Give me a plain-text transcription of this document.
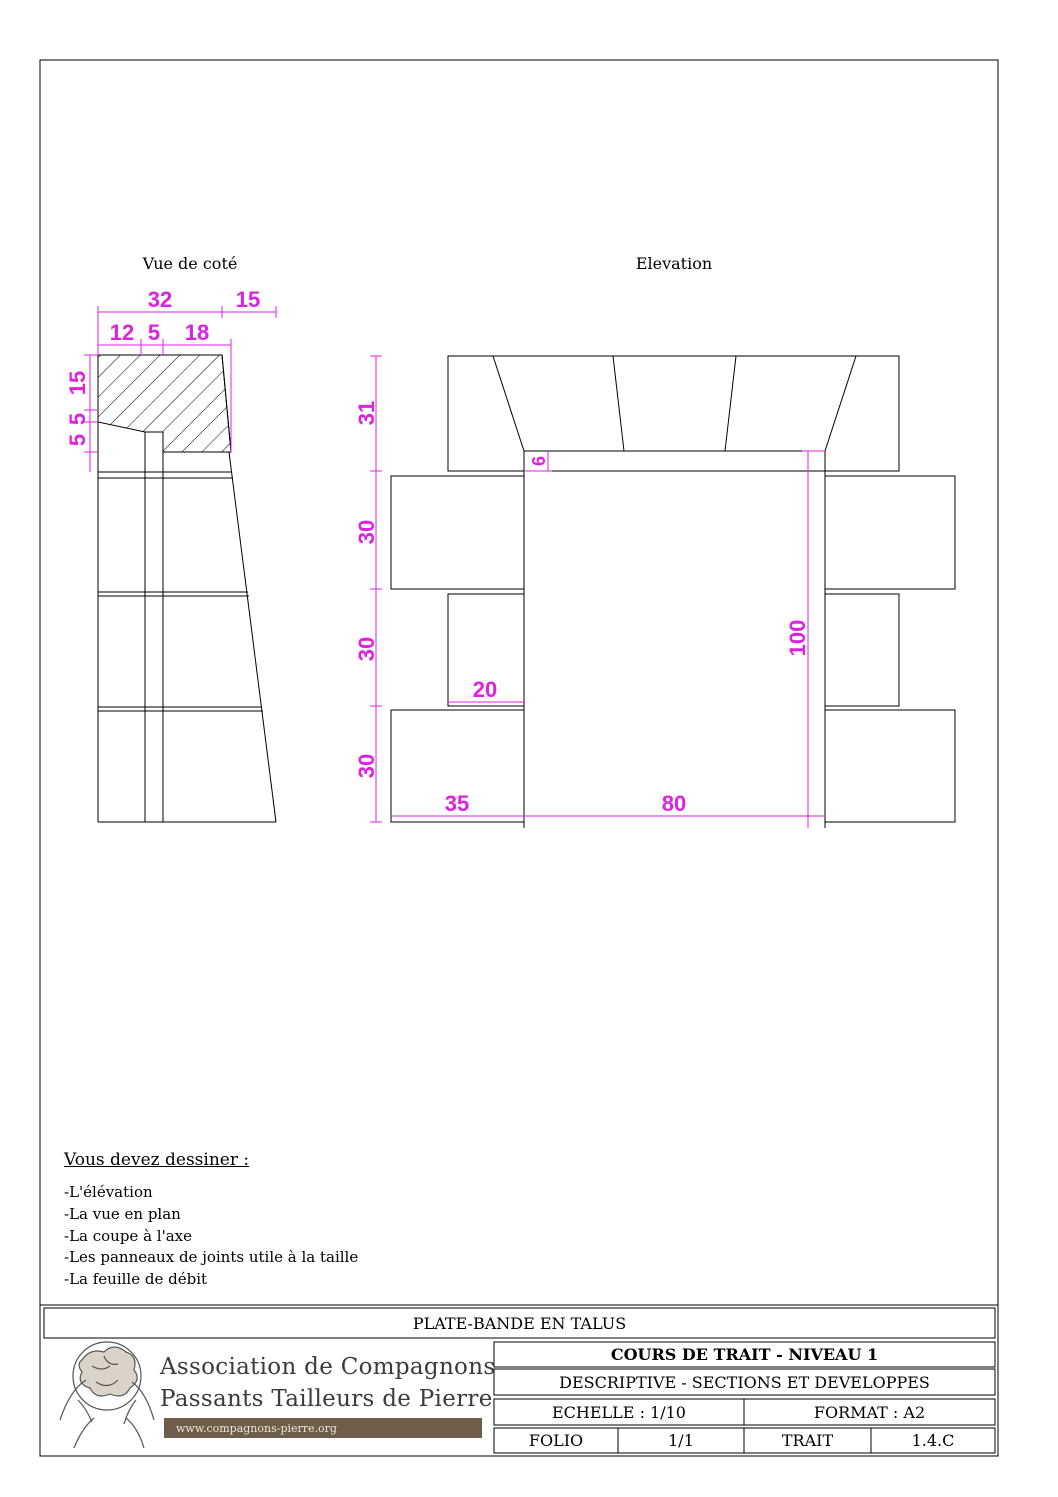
Vue de coté	Elevation
32	15
12 5 18
15
5
5	31
30
30
30
6
100
20
35	80
Vous devez dessiner :
-L'élévation
-La vue en plan
-La coupe à l'axe
-Les panneaux de joints utile à la taille
-La feuille de débit
PLATE-BANDE EN TALUS
COURS DE TRAIT - NIVEAU 1
DESCRIPTIVE - SECTIONS ET DEVELOPPES
ECHELLE : 1/10	FORMAT : A2
FOLIO	1/1	TRAIT	1.4.C
Association de Compagnons
Passants Tailleurs de Pierre
www.compagnons-pierre.org
